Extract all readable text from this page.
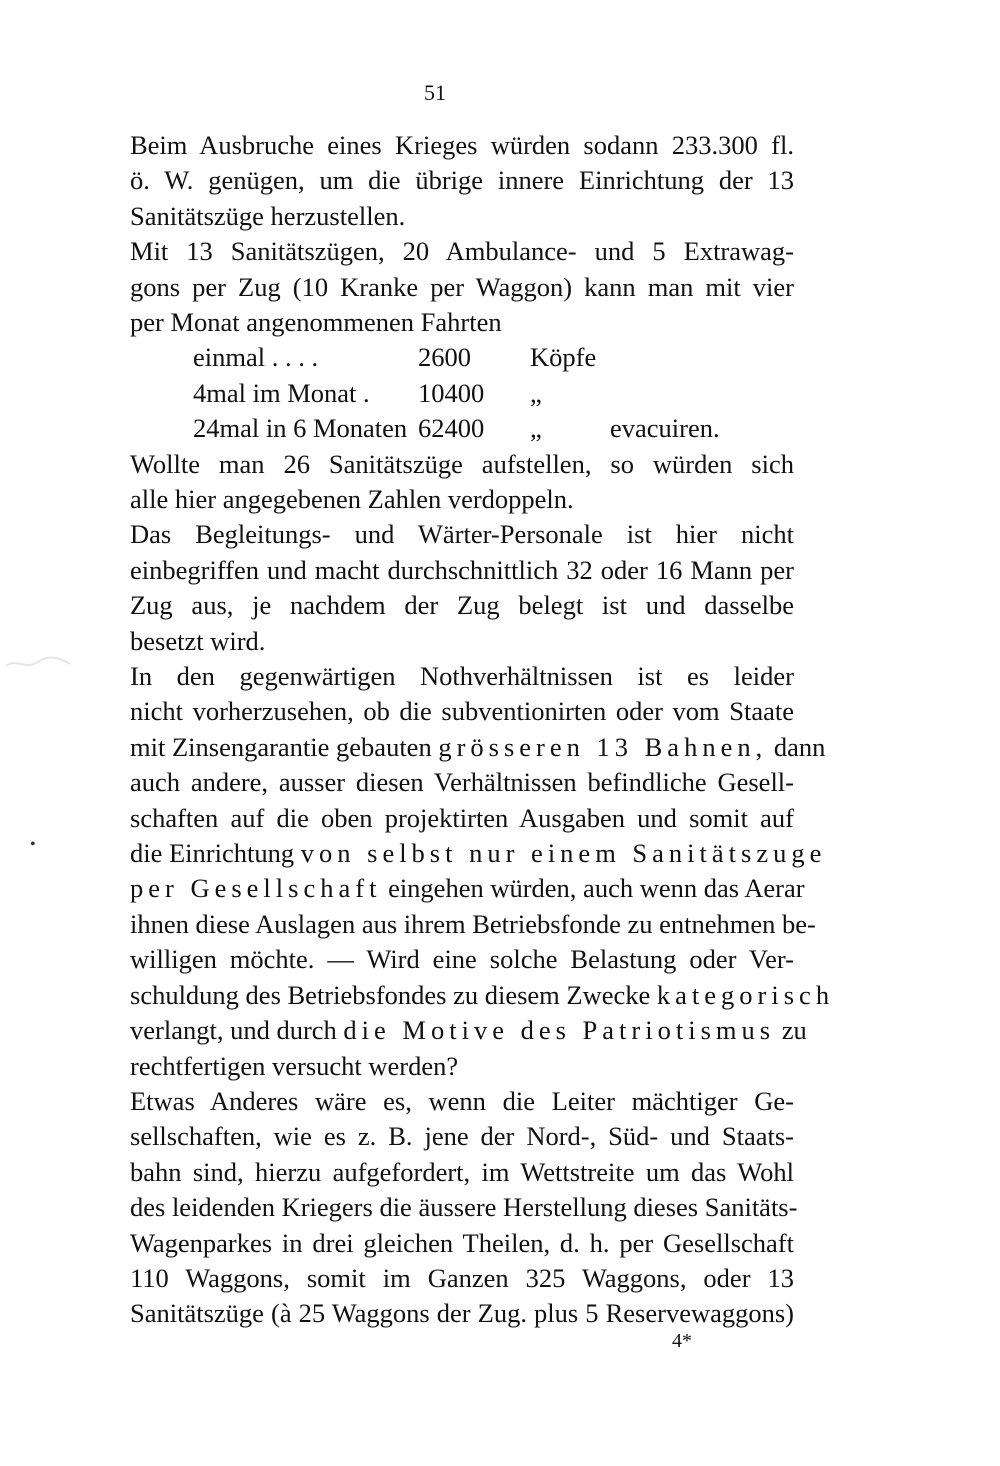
51

Beim Ausbruche eines Krieges würden sodann 233.300 fl.
ö. W. genügen, um die übrige innere Einrichtung der 13
Sanitätszüge herzustellen.

Mit 13 Sanitätszügen, 20 Ambulance- und 5 Extrawag-
gons per Zug (10 Kranke per Waggon) kann man mit vier
per Monat angenommenen Fahrten

einmal . . . .	2600	Köpfe
4mal im Monat .	10400	„
24mal in 6 Monaten 62400	„	evacuiren.

Wollte man 26 Sanitätszüge aufstellen, so würden sich
alle hier angegebenen Zahlen verdoppeln.

Das Begleitungs- und Wärter-Personale ist hier nicht
einbegriffen und macht durchschnittlich 32 oder 16 Mann per
Zug aus, je nachdem der Zug belegt ist und dasselbe
besetzt wird.

In den gegenwärtigen Nothverhältnissen ist es leider
nicht vorherzusehen, ob die subventionirten oder vom Staate
mit Zinsengarantie gebauten grösseren 13 Bahnen, dann
auch andere, ausser diesen Verhältnissen befindliche Gesell-
schaften auf die oben projektirten Ausgaben und somit auf
die Einrichtung von selbst nur einem Sanitätszuge
per Gesellschaft eingehen würden, auch wenn das Aerar
ihnen diese Auslagen aus ihrem Betriebsfonde zu entnehmen be-
willigen möchte. — Wird eine solche Belastung oder Ver-
schuldung des Betriebsfondes zu diesem Zwecke kategorisch
verlangt, und durch die Motive des Patriotismus zu
rechtfertigen versucht werden?

Etwas Anderes wäre es, wenn die Leiter mächtiger Ge-
sellschaften, wie es z. B. jene der Nord-, Süd- und Staats-
bahn sind, hierzu aufgefordert, im Wettstreite um das Wohl
des leidenden Kriegers die äussere Herstellung dieses Sanitäts-
Wagenparkes in drei gleichen Theilen, d. h. per Gesellschaft
110 Waggons, somit im Ganzen 325 Waggons, oder 13
Sanitätszüge (à 25 Waggons der Zug. plus 5 Reservewaggons)

4*
•
